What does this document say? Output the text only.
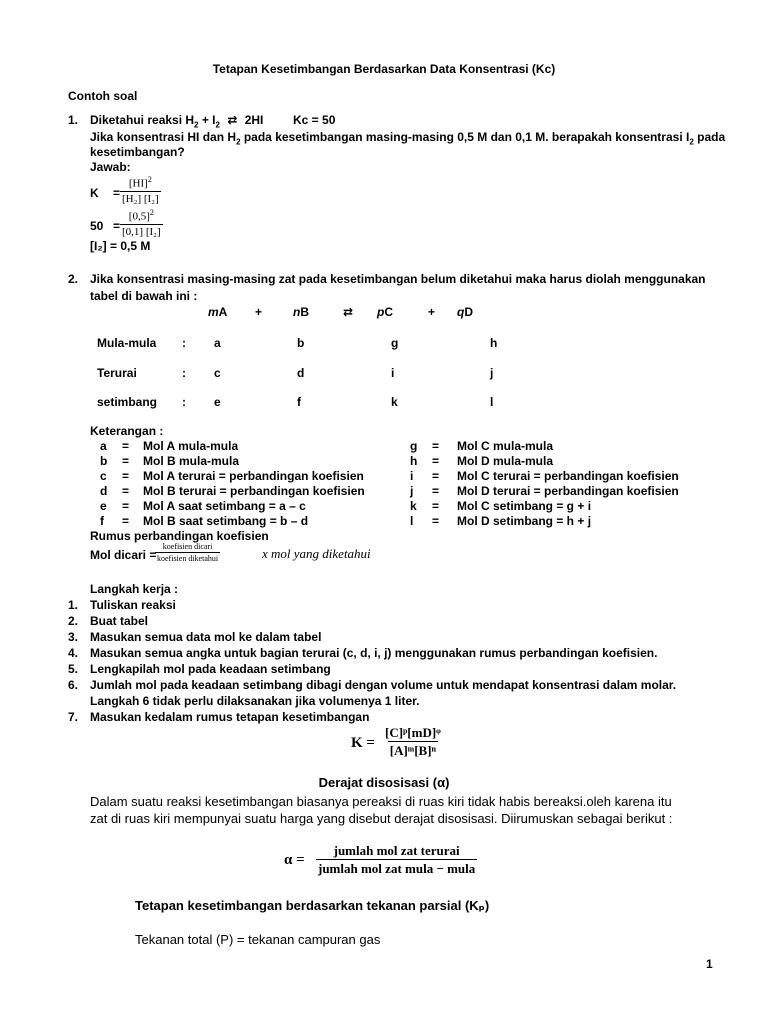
Tetapan Kesetimbangan Berdasarkan Data Konsentrasi (Kc)
Contoh soal
1. Diketahui reaksi $H_2 + I_2$ ⇄ 2HI Kc = 50
Jika konsentrasi HI dan $H_2$ pada kesetimbangan masing-masing 0,5 M dan 0,1 M. berapakah konsentrasi $I_2$ pada
kesetimbangan?
Jawab:
$K = \frac{[HI]^2}{\text{[H₂] [I₂]}}$
$50 = \frac{[0,5]^2}{\text{[0,1] [I₂]}}$
[I₂] = 0,5 M
2. Jika konsentrasi masing-masing zat pada kesetimbangan belum diketahui maka harus diolah menggunakan
tabel di bawah ini :
mA +	nB	⇄ pC	+ qD
Mula-mula : a	b	g	h
Terurai	: c	d	i	j
setimbang : e	f	k	l
Keterangan :
a = Mol A mula-mula
b = Mol B mula-mula
c = Mol A terurai = perbandingan koefisien
d = Mol B terurai = perbandingan koefisien
e = Mol A saat setimbang = a – c
f = Mol B saat setimbang = b – d
g = Mol C mula-mula
h = Mol D mula-mula
i = Mol C terurai = perbandingan koefisien
j = Mol D terurai = perbandingan koefisien
k = Mol C setimbang = g + i
l = Mol D setimbang = h + j
Rumus perbandingan koefisien
Mol dicari =
koefisien dicari
koefisien diketahui	x mol yang diketahui
Langkah kerja :
1. Tuliskan reaksi
2. Buat tabel
3. Masukan semua data mol ke dalam tabel
4. Masukan semua angka untuk bagian terurai (c, d, i, j) menggunakan rumus perbandingan koefisien.
5. Lengkapilah mol pada keadaan setimbang
6. Jumlah mol pada keadaan setimbang dibagi dengan volume untuk mendapat konsentrasi dalam molar.
Langkah 6 tidak perlu dilaksanakan jika volumenya 1 liter.
7. Masukan kedalam rumus tetapan kesetimbangan
$K = \frac{\text{[C]ᵖ[mD]ᵠ}}{\text{[A]ᵐ[B]ⁿ}}$
Derajat disosisasi (α)
Dalam suatu reaksi kesetimbangan biasanya pereaksi di ruas kiri tidak habis bereaksi.oleh karena itu
zat di ruas kiri mempunyai suatu harga yang disebut derajat disosisasi. Diirumuskan sebagai berikut :
α =
jumlah mol zat terurai
jumlah mol zat mula − mula
Tetapan kesetimbangan berdasarkan tekanan parsial (Kₚ)
Tekanan total (P) = tekanan campuran gas
1
